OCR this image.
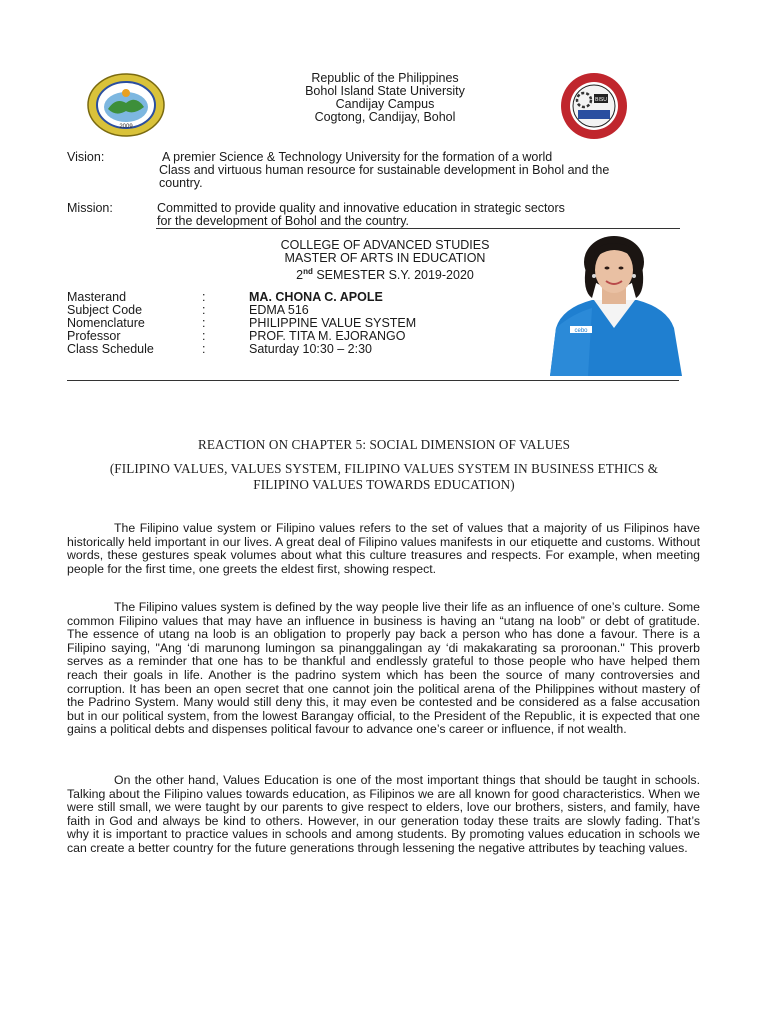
2009
Republic of the Philippines
Bohol Island State University
Candijay Campus
Cogtong, Candijay, Bohol
BISU
Vision:	A premier Science & Technology University for the formation of a world
Class and virtuous human resource for sustainable development in Bohol and the
country.
Mission:	Committed to provide quality and innovative education in strategic sectors
for the development of Bohol and the country.
COLLEGE OF ADVANCED STUDIES
MASTER OF ARTS IN EDUCATION
2nd SEMESTER S.Y. 2019-2020
Masterand	:	MA. CHONA C. APOLE
Subject Code	:	EDMA 516
Nomenclature	:	PHILIPPINE VALUE SYSTEM
Professor	:	PROF. TITA M. EJORANGO
Class Schedule	:	Saturday 10:30 – 2:30
cebo
REACTION ON CHAPTER 5: SOCIAL DIMENSION OF VALUES
(FILIPINO VALUES, VALUES SYSTEM, FILIPINO VALUES SYSTEM IN BUSINESS ETHICS &
FILIPINO VALUES TOWARDS EDUCATION)
The Filipino value system or Filipino values refers to the set of values that a majority of us Filipinos have historically held important in our lives. A great deal of Filipino values manifests in our etiquette and customs. Without words, these gestures speak volumes about what this culture treasures and respects. For example, when meeting people for the first time, one greets the eldest first, showing respect.
The Filipino values system is defined by the way people live their life as an influence of one’s culture. Some common Filipino values that may have an influence in business is having an “utang na loob” or debt of gratitude. The essence of utang na loob is an obligation to properly pay back a person who has done a favour. There is a Filipino saying, "Ang ‘di marunong lumingon sa pinanggalingan ay ‘di makakarating sa proroonan." This proverb serves as a reminder that one has to be thankful and endlessly grateful to those people who have helped them reach their goals in life. Another is the padrino system which has been the source of many controversies and corruption. It has been an open secret that one cannot join the political arena of the Philippines without mastery of the Padrino System. Many would still deny this, it may even be contested and be considered as a false accusation but in our political system, from the lowest Barangay official, to the President of the Republic, it is expected that one gains a political debts and dispenses political favour to advance one’s career or influence, if not wealth.
On the other hand, Values Education is one of the most important things that should be taught in schools. Talking about the Filipino values towards education, as Filipinos we are all known for good characteristics. When we were still small, we were taught by our parents to give respect to elders, love our brothers, sisters, and family, have faith in God and always be kind to others. However, in our generation today these traits are slowly fading. That’s why it is important to practice values in schools and among students. By promoting values education in schools we can create a better country for the future generations through lessening the negative attributes by teaching values.
